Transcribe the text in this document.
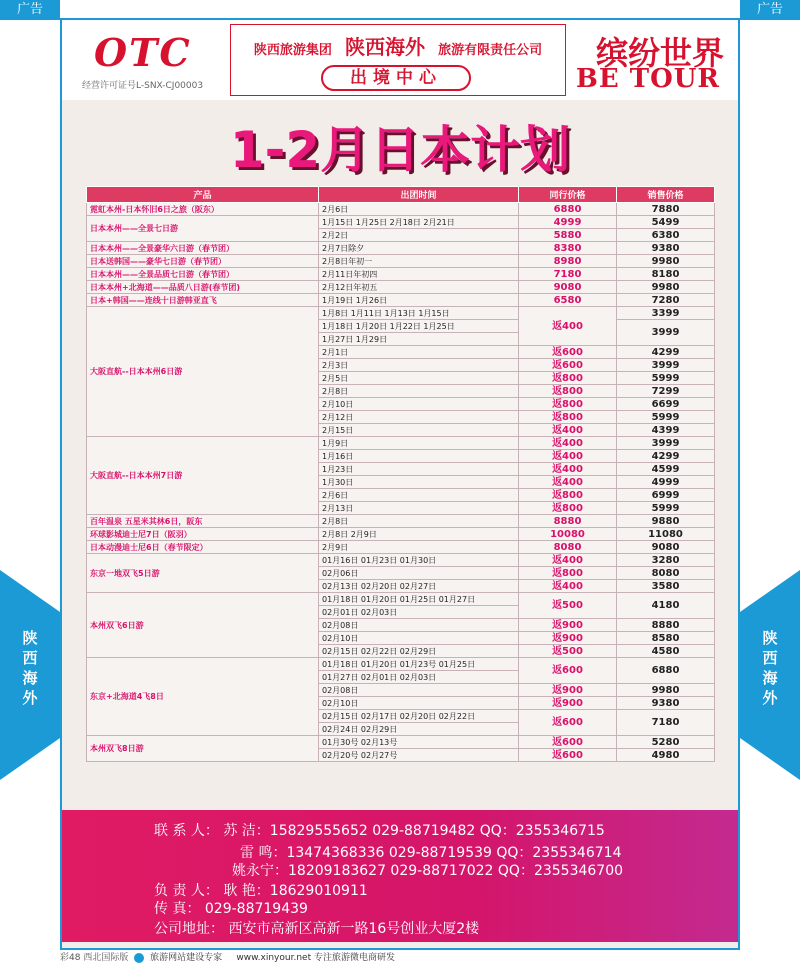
广告	广告
OTC
经营许可证号L-SNX-CJ00003
陕西旅游集团 陕西海外 旅游有限责任公司
出境中心
缤纷世界
BE TOUR
1-2月日本计划
产品	出团时间	同行价格	销售价格
霓虹本州-日本怀旧6日之旅（阪东）	2月6日	6880	7880
日本本州——全景七日游	1月15日 1月25日 2月18日 2月21日	4999	5499
	2月2日	5880	6380
日本本州——全景豪华六日游（春节团）	2月7日除夕	8380	9380
日本送韩国——豪华七日游（春节团）	2月8日年初一	8980	9980
日本本州——全景品质七日游（春节团）	2月11日年初四	7180	8180
日本本州+北海道——品质八日游(春节团)	2月12日年初五	9080	9980
日本+韩国——连线十日游韩亚直飞	1月19日 1月26日	6580	7280
大阪直航--日本本州6日游	1月8日 1月11日 1月13日 1月15日	返400	3399
	1月18日 1月20日 1月22日 1月25日		3999
	1月27日 1月29日		
	2月1日	返600	4299
	2月3日	返600	3999
	2月5日	返800	5999
	2月8日	返800	7299
	2月10日	返800	6699
	2月12日	返800	5999
	2月15日	返400	4399
大阪直航--日本本州7日游	1月9日	返400	3999
	1月16日	返400	4299
	1月23日	返400	4599
	1月30日	返400	4999
	2月6日	返800	6999
	2月13日	返800	5999
百年温泉 五星米其林6日，阪东	2月8日	8880	9880
环球影城迪士尼7日（阪羽）	2月8日 2月9日	10080	11080
日本动漫迪士尼6日（春节限定）	2月9日	8080	9080
东京一地双飞5日游	01月16日 01月23日 01月30日	返400	3280
	02月06日	返800	8080
	02月13日 02月20日 02月27日	返400	3580
本州双飞6日游	01月18日 01月20日 01月25日 01月27日	返500	4180
	02月01日 02月03日		
	02月08日	返900	8880
	02月10日	返900	8580
	02月15日 02月22日 02月29日	返500	4580
东京+北海道4飞8日	01月18日 01月20日 01月23号 01月25日	返600	6880
	01月27日 02月01日 02月03日		
	02月08日	返900	9980
	02月10日	返900	9380
	02月15日 02月17日 02月20日 02月22日	返600	7180
	02月24日 02月29日		
本州双飞8日游	01月30号 02月13号	返600	5280
	02月20号 02月27号	返600	4980
陕
西
海
外
陕
西
海
外
联 系 人： 苏 洁：15829555652 029-88719482 QQ：2355346715
雷 鸣：13474368336 029-88719539 QQ：2355346714
姚永宁：18209183627 029-88717022 QQ：2355346700
负 责 人： 耿 艳：18629010911
传 真： 029-88719439
公司地址： 西安市高新区高新一路16号创业大厦2楼
彩48 西北国际版 旅游网站建设专家 www.xinyour.net 专注旅游微电商研发
